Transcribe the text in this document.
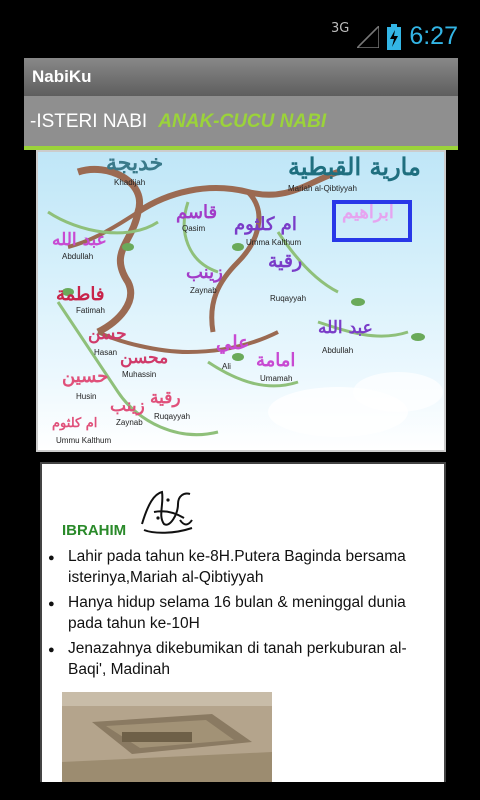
3G 6:27
NabiKu
-ISTERI NABI ANAK-CUCU NABI
خديجة
Khadijah
مارية القبطية
Mariah al-Qibtiyyah
قاسم
Qasim ام كلثوم
Umma Kalthum
ابراهيم
عبد الله
Abdullah
زينب
Zaynab
رقية
Ruqayyah
فاطمة
Fatimah
عبد الله
Abdullah
حسن
Hasan محسن
Muhassin
علي
Ali امامة
Umamah
حسين
Husin زينب
Zaynab
رقية
Ruqayyah
ام كلثوم
Ummu Kalthum
IBRAHIM
● Lahir pada tahun ke-8H.Putera Baginda bersama isterinya,Mariah al-Qibtiyyah
● Hanya hidup selama 16 bulan & meninggal dunia pada tahun ke-10H
● Jenazahnya dikebumikan di tanah perkuburan al-Baqi', Madinah
